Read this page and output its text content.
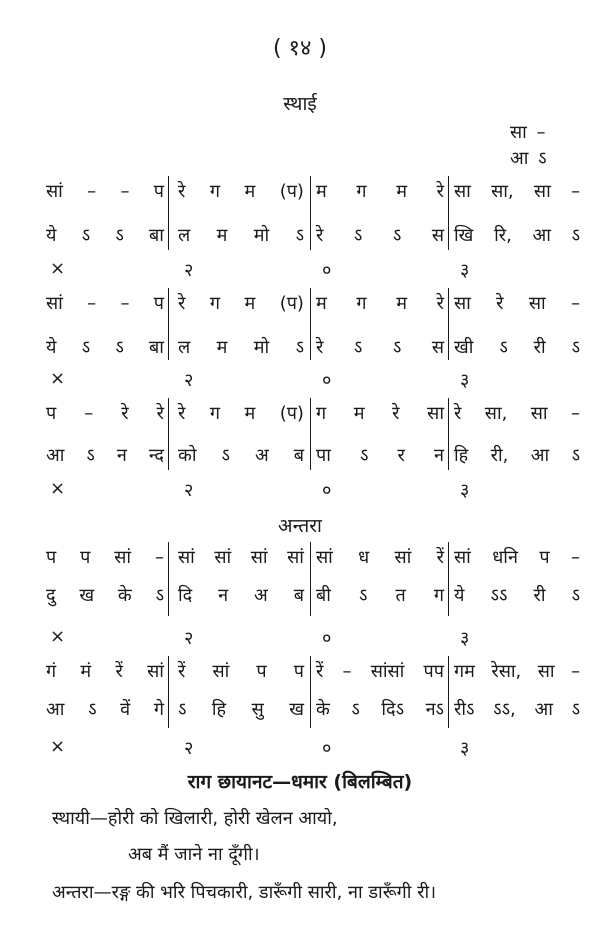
( १४ )
स्थाई
सा –
आ ऽ
सां – – प रे ग म (प) म ग म रे सा सा, सा –
ये ऽ ऽ बा ल म मो ऽ रे ऽ ऽ स खि रि, आ ऽ
×	२	०	३
सां – – प रे ग म (प) म ग म रे सा रे सा –
ये ऽ ऽ बा ल म मो ऽ रे ऽ ऽ स खी ऽ री ऽ
×	२	०	३
प – रे रे रे ग म (प) ग म रे सा रे सा, सा –
आ ऽ न न्द को ऽ अ ब पा ऽ र न हि री, आ ऽ
×	२	०	३
प प सां – सां सां सां सां सां ध सां रें सां धनि प –
दु ख के ऽ दि न अ ब बी ऽ त ग ये ऽऽ री ऽ
×	२	०	३
गं मं रें सां रें सां प प रें – सांसां पप गम रेसा, सा –
आ ऽ वें गे ऽ हि सु ख के ऽ दिऽ नऽ रीऽ ऽऽ, आ ऽ
×	२	०	३
अन्तरा
राग छायानट—धमार (बिलम्बित)
स्थायी—होरी को खिलारी, होरी खेलन आयो,
अब मैं जाने ना दूँगी।
अन्तरा—रङ्ग की भरि पिचकारी, डारूँगी सारी, ना डारूँगी री।
